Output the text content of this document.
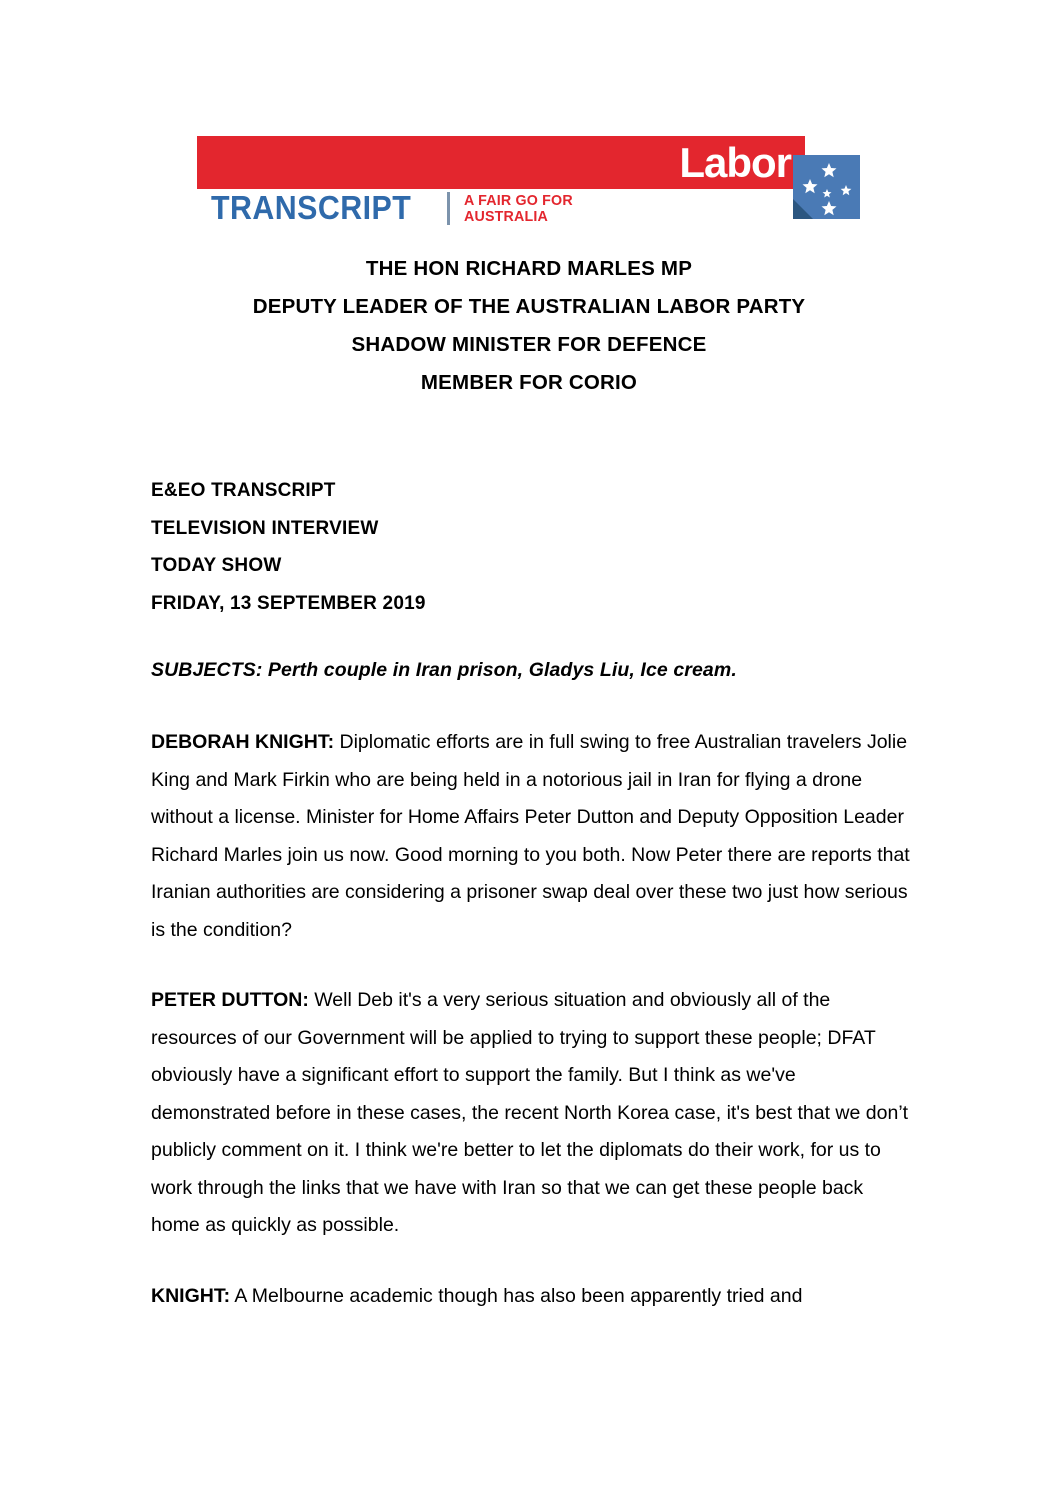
Labor
TRANSCRIPT	A FAIR GO FOR
AUSTRALIA
THE HON RICHARD MARLES MP
DEPUTY LEADER OF THE AUSTRALIAN LABOR PARTY
SHADOW MINISTER FOR DEFENCE
MEMBER FOR CORIO
E&EO TRANSCRIPT
TELEVISION INTERVIEW
TODAY SHOW
FRIDAY, 13 SEPTEMBER 2019
SUBJECTS: Perth couple in Iran prison, Gladys Liu, Ice cream.
DEBORAH KNIGHT: Diplomatic efforts are in full swing to free Australian travelers Jolie King and Mark Firkin who are being held in a notorious jail in Iran for flying a drone without a license. Minister for Home Affairs Peter Dutton and Deputy Opposition Leader Richard Marles join us now. Good morning to you both. Now Peter there are reports that Iranian authorities are considering a prisoner swap deal over these two just how serious is the condition?
PETER DUTTON: Well Deb it's a very serious situation and obviously all of the resources of our Government will be applied to trying to support these people; DFAT obviously have a significant effort to support the family. But I think as we've demonstrated before in these cases, the recent North Korea case, it's best that we don’t publicly comment on it. I think we're better to let the diplomats do their work, for us to work through the links that we have with Iran so that we can get these people back home as quickly as possible.
KNIGHT: A Melbourne academic though has also been apparently tried and
